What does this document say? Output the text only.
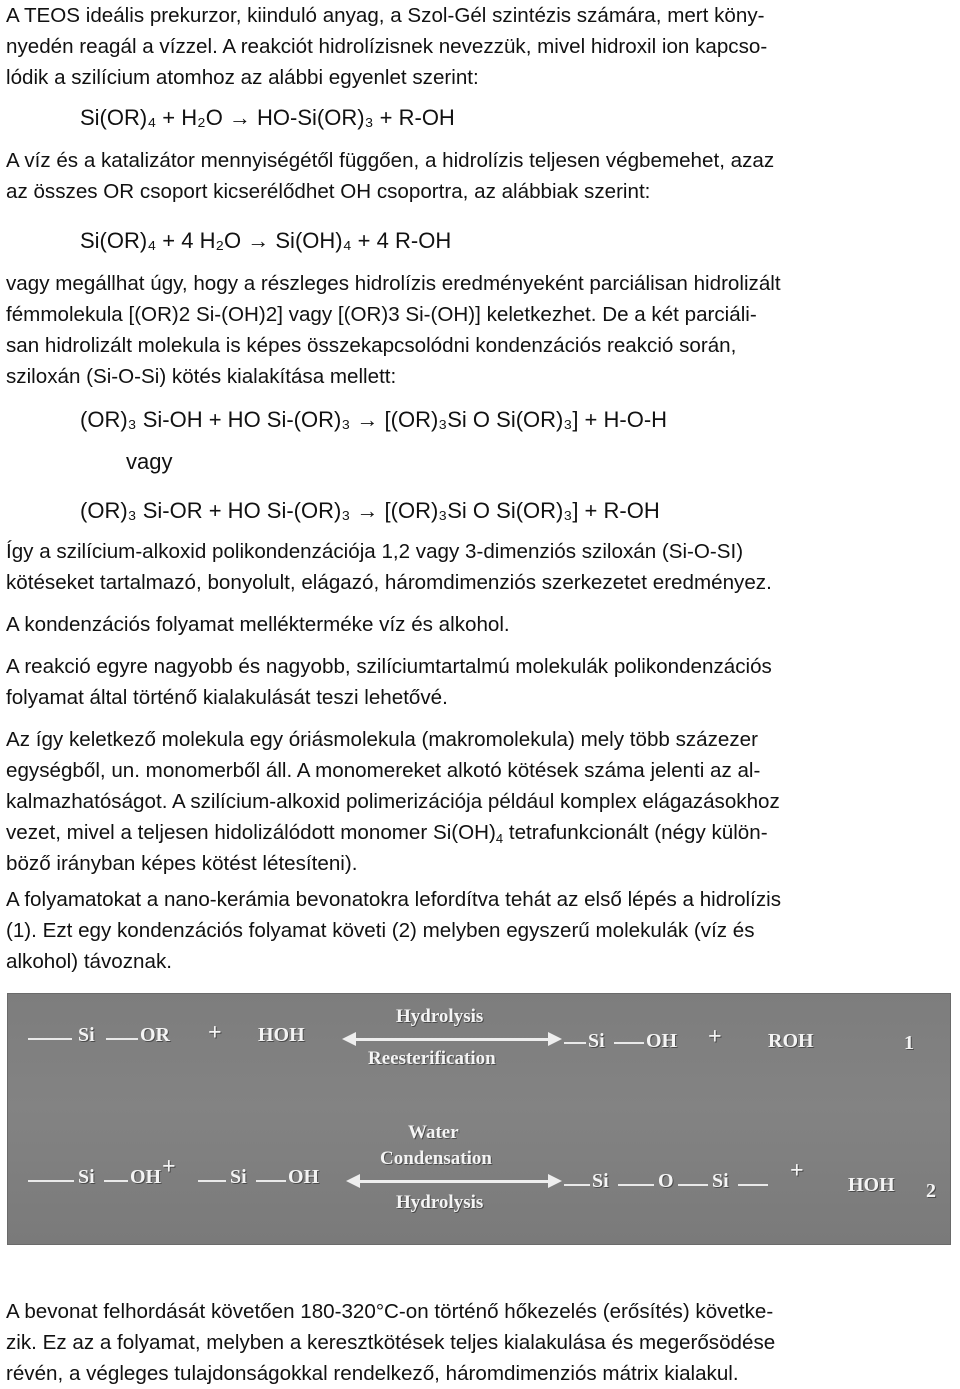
A TEOS ideális prekurzor, kiinduló anyag, a Szol-Gél szintézis számára, mert köny-

nyedén reagál a vízzel. A reakciót hidrolízisnek nevezzük, mivel hidroxil ion kapcso-

lódik a szilícium atomhoz az alábbi egyenlet szerint:

Si(OR)₄ + H₂O → HO-Si(OR)₃ + R-OH

A víz és a katalizátor mennyiségétől függően, a hidrolízis teljesen végbemehet, azaz

az összes OR csoport kicserélődhet OH csoportra, az alábbiak szerint:

Si(OR)₄ + 4 H₂O → Si(OH)₄ + 4 R-OH

vagy megállhat úgy, hogy a részleges hidrolízis eredményeként parciálisan hidrolizált

fémmolekula [(OR)2 Si-(OH)2] vagy [(OR)3 Si-(OH)] keletkezhet. De a két parciáli-

san hidrolizált molekula is képes összekapcsolódni kondenzációs reakció során,

sziloxán (Si-O-Si) kötés kialakítása mellett:

(OR)₃ Si-OH + HO Si-(OR)₃ → [(OR)₃Si O Si(OR)₃] + H-O-H
vagy
(OR)₃ Si-OR + HO Si-(OR)₃ → [(OR)₃Si O Si(OR)₃] + R-OH

Így a szilícium-alkoxid polikondenzációja 1,2 vagy 3-dimenziós sziloxán (Si-O-SI)

kötéseket tartalmazó, bonyolult, elágazó, háromdimenziós szerkezetet eredményez.

A kondenzációs folyamat mellékterméke víz és alkohol.

A reakció egyre nagyobb és nagyobb, szilíciumtartalmú molekulák polikondenzációs

folyamat által történő kialakulását teszi lehetővé.

Az így keletkező molekula egy óriásmolekula (makromolekula) mely több százezer

egységből, un. monomerből áll. A monomereket alkotó kötések száma jelenti az al-

kalmazhatóságot. A szilícium-alkoxid polimerizációja például komplex elágazásokhoz

vezet, mivel a teljesen hidolizálódott monomer $Si(OH)_4$ tetrafunkcionált (négy külön-

böző irányban képes kötést létesíteni).

A folyamatokat a nano-kerámia bevonatokra lefordítva tehát az első lépés a hidrolízis

(1). Ezt egy kondenzációs folyamat követi (2) melyben egyszerű molekulák (víz és

alkohol) távoznak.

A bevonat felhordását követően 180-320°C-on történő hőkezelés (erősítés) követke-

zik. Ez az a folyamat, melyben a keresztkötések teljes kialakulása és megerősödése

révén, a végleges tulajdonságokkal rendelkező, háromdimenziós mátrix kialakul.

Si OR + HOH
Hydrolysis
Reesterification
Si OH + ROH	1
Si OH +	Si OH
Water
Condensation
Hydrolysis
Si O Si	+
HOH 2
